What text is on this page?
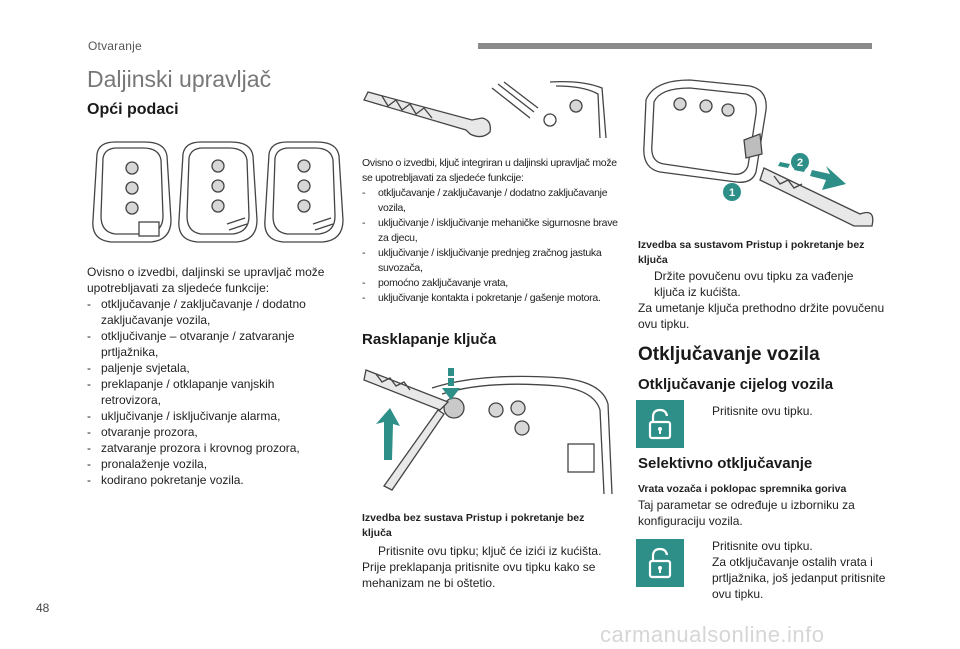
Otvaranje
Daljinski upravljač
Opći podaci

Ovisno o izvedbi, daljinski se upravljač može upotrebljavati za sljedeće funkcije:

- otključavanje / zaključavanje / dodatno zaključavanje vozila,
- otključivanje – otvaranje / zatvaranje prtljažnika,
- paljenje svjetala,
- preklapanje / otklapanje vanjskih retrovizora,
- uključivanje / isključivanje alarma,
- otvaranje prozora,
- zatvaranje prozora i krovnog prozora,
- pronalaženje vozila,
- kodirano pokretanje vozila.

Ovisno o izvedbi, ključ integriran u daljinski upravljač može se upotrebljavati za sljedeće funkcije:

- otključavanje / zaključavanje / dodatno zaključavanje vozila,
- uključivanje / isključivanje mehaničke sigurnosne brave za djecu,
- uključivanje / isključivanje prednjeg zračnog jastuka suvozača,
- pomoćno zaključavanje vrata,
- uključivanje kontakta i pokretanje / gašenje motora.
Rasklapanje ključa
Izvedba bez sustava Pristup i pokretanje bez ključa
Pritisnite ovu tipku; ključ će izići iz kućišta.
Prije preklapanja pritisnite ovu tipku kako se mehanizam ne bi oštetio.
1
2
Izvedba sa sustavom Pristup i pokretanje bez ključa
Držite povučenu ovu tipku za vađenje ključa iz kućišta.
Za umetanje ključa prethodno držite povučenu ovu tipku.
Otključavanje vozila
Otključavanje cijelog vozila
Pritisnite ovu tipku.
Selektivno otključavanje
Vrata vozača i poklopac spremnika goriva
Taj parametar se određuje u izborniku za konfiguraciju vozila.
Pritisnite ovu tipku.
Za otključavanje ostalih vrata i prtljažnika, još jedanput pritisnite ovu tipku.
48
carmanualsonline.info
